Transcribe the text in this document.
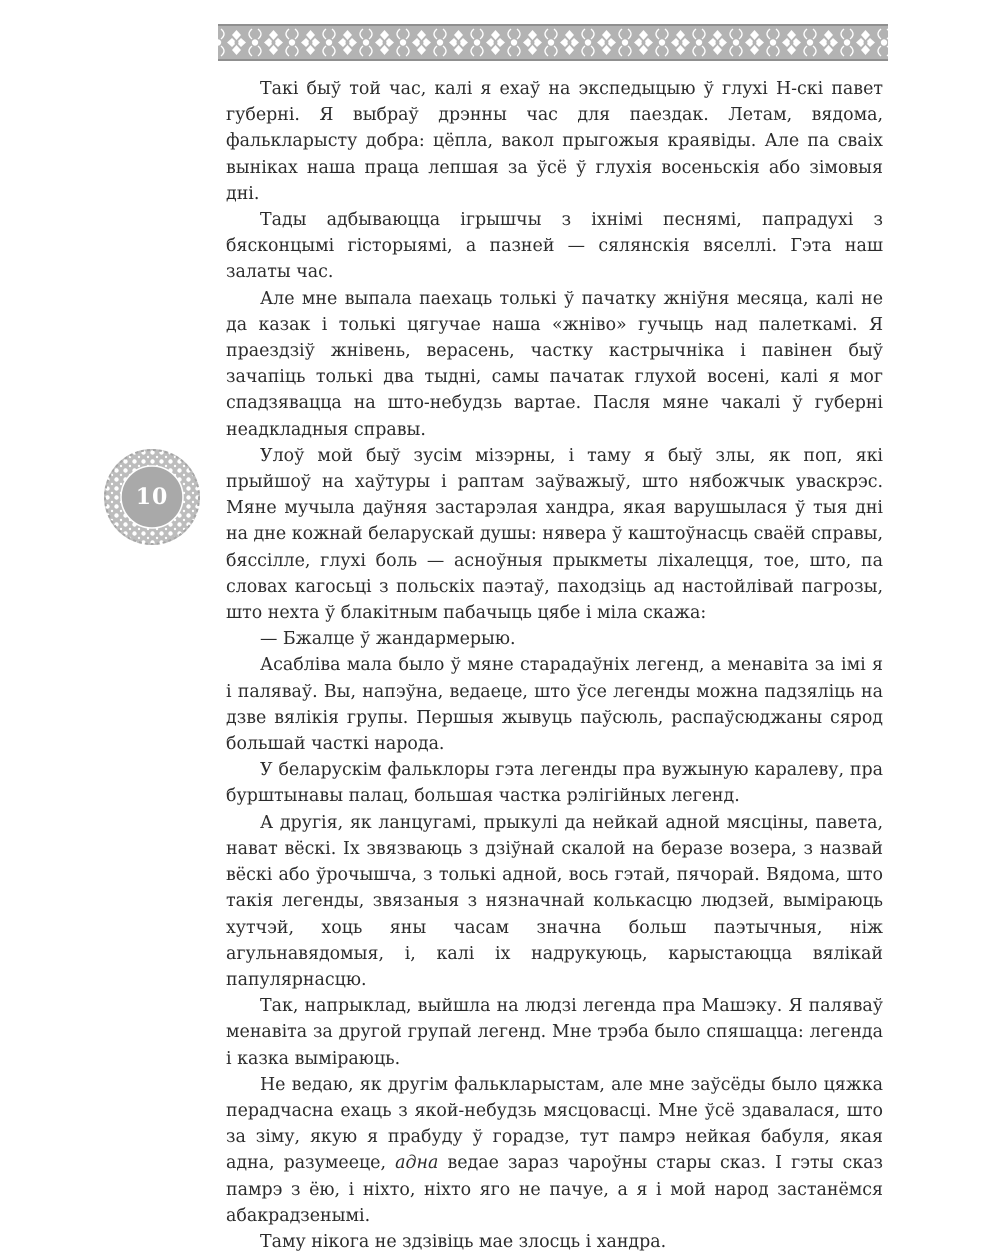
10

Такі быў той час, калі я ехаў на экспедыцыю ў глухі Н-скі павет губерні. Я выбраў дрэнны час для паездак. Летам, вядома, фалькларысту добра: цёпла, вакол прыгожыя краявіды. Але па сваіх выніках наша праца лепшая за ўсё ў глухія восеньскія або зімовыя дні.

Тады адбываюцца ігрышчы з іхнімі песнямі, папрадухі з бясконцымі гісторыямі, а пазней — сялянскія вяселлі. Гэта наш залаты час.

Але мне выпала паехаць толькі ў пачатку жніўня месяца, калі не да казак і толькі цягучае наша «жніво» гучыць над палеткамі. Я праездзіў жнівень, верасень, частку кастрычніка і павінен быў зачапіць толькі два тыдні, самы пачатак глухой восені, калі я мог спадзявацца на што-небудзь вартае. Пасля мяне чакалі ў губерні неадкладныя справы.

Улоў мой быў зусім мізэрны, і таму я быў злы, як поп, які прыйшоў на хаўтуры і раптам заўважыў, што нябожчык уваскрэс. Мяне мучыла даўняя застарэлая хандра, якая варушылася ў тыя дні на дне кожнай беларускай душы: нявера ў каштоўнасць сваёй справы, бяссілле, глухі боль — асноўныя прыкметы ліхалецця, тое, што, па словах кагосьці з польскіх паэтаў, паходзіць ад настойлівай пагрозы, што нехта ў блакітным пабачыць цябе і міла скажа:

— Бжалце ў жандармерыю.

Асабліва мала было ў мяне старадаўніх легенд, а менавіта за імі я і паляваў. Вы, напэўна, ведаеце, што ўсе легенды можна падзяліць на дзве вялікія групы. Першыя жывуць паўсюль, распаўсюджаны сярод большай часткі народа.

У беларускім фальклоры гэта легенды пра вужыную каралеву, пра бурштынавы палац, большая частка рэлігійных легенд.

А другія, як ланцугамі, прыкулі да нейкай адной мясціны, павета, нават вёскі. Іх звязваюць з дзіўнай скалой на беразе возера, з назвай вёскі або ўрочышча, з толькі адной, вось гэтай, пячорай. Вядома, што такія легенды, звязаныя з нязначнай колькасцю людзей, выміраюць хутчэй, хоць яны часам значна больш паэтычныя, ніж агульнавядомыя, і, калі іх надрукуюць, карыстаюцца вялікай папулярнасцю.

Так, напрыклад, выйшла на людзі легенда пра Машэку. Я паляваў менавіта за другой групай легенд. Мне трэба было спяшацца: легенда і казка выміраюць.

Не ведаю, як другім фалькларыстам, але мне заўсёды было цяжка перадчасна ехаць з якой-небудзь мясцовасці. Мне ўсё здавалася, што за зіму, якую я прабуду ў горадзе, тут памрэ нейкая бабуля, якая адна, разумееце, адна ведае зараз чароўны стары сказ. І гэты сказ памрэ з ёю, і ніхто, ніхто яго не пачуе, а я і мой народ застанёмся абакрадзенымі.

Таму нікога не здзівіць мае злосць і хандра.
